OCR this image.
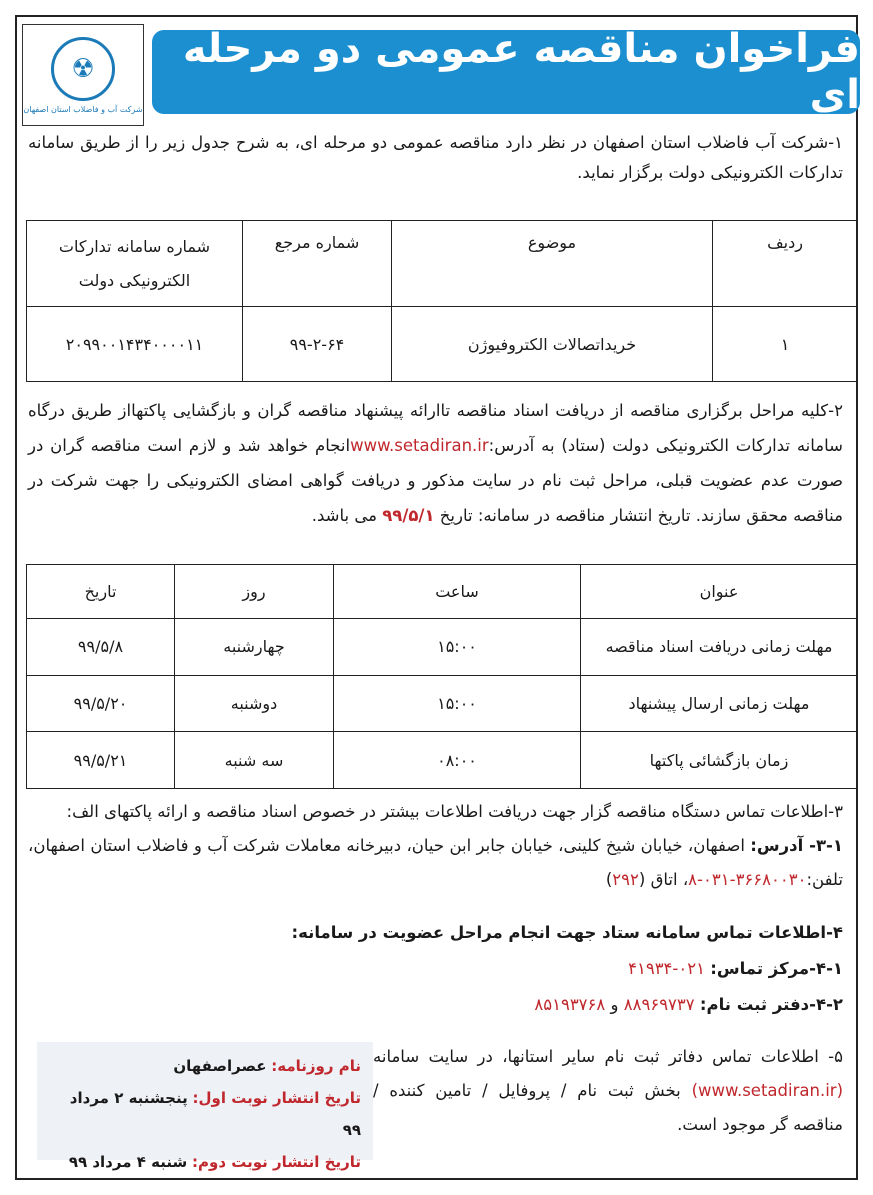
☢
شرکت آب و فاضلاب استان اصفهان
فراخوان مناقصه عمومی دو مرحله ای
۱-شرکت آب فاضلاب استان اصفهان در نظر دارد مناقصه عمومی دو مرحله ای، به شرح جدول زیر را از طریق سامانه تدارکات الکترونیکی دولت برگزار نماید.
ردیف	موضوع	شماره مرجع	شماره سامانه تدارکات الکترونیکی دولت
۱	خریداتصالات الکتروفیوژن	۹۹-۲-۶۴	۲۰۹۹۰۰۱۴۳۴۰۰۰۰۱۱
۲-کلیه مراحل برگزاری مناقصه از دریافت اسناد مناقصه تاارائه پیشنهاد مناقصه گران و بازگشایی پاکتهااز طریق درگاه سامانه تدارکات الکترونیکی دولت (ستاد) به آدرس:www.setadiran.irانجام خواهد شد و لازم است مناقصه گران در صورت عدم عضویت قبلی، مراحل ثبت نام در سایت مذکور و دریافت گواهی امضای الکترونیکی را جهت شرکت در مناقصه محقق سازند. تاریخ انتشار مناقصه در سامانه: تاریخ ۹۹/۵/۱ می باشد.
عنوان	ساعت	روز	تاریخ
مهلت زمانی دریافت اسناد مناقصه	۱۵:۰۰	چهارشنبه	۹۹/۵/۸
مهلت زمانی ارسال پیشنهاد	۱۵:۰۰	دوشنبه	۹۹/۵/۲۰
زمان بازگشائی پاکتها	۰۸:۰۰	سه شنبه	۹۹/۵/۲۱
۳-اطلاعات تماس دستگاه مناقصه گزار جهت دریافت اطلاعات بیشتر در خصوص اسناد مناقصه و ارائه پاکتهای الف:
۳-۱- آدرس: اصفهان، خیابان شیخ کلینی، خیابان جابر ابن حیان، دبیرخانه معاملات شرکت آب و فاضلاب استان اصفهان، تلفن:۳۶۶۸۰۰۳۰-۰۳۱-۸، اتاق (۲۹۲)
۴-اطلاعات تماس سامانه ستاد جهت انجام مراحل عضویت در سامانه:
۴-۱-مرکز تماس: ۰۲۱-۴۱۹۳۴
۴-۲-دفتر ثبت نام: ۸۸۹۶۹۷۳۷ و ۸۵۱۹۳۷۶۸
۵- اطلاعات تماس دفاتر ثبت نام سایر استانها، در سایت سامانه (www.setadiran.ir) بخش ثبت نام / پروفایل / تامین کننده / مناقصه گر موجود است.
نام روزنامه: عصراصفهان
تاریخ انتشار نوبت اول: پنجشنبه ۲ مرداد ۹۹
تاریخ انتشار نوبت دوم: شنبه ۴ مرداد ۹۹
